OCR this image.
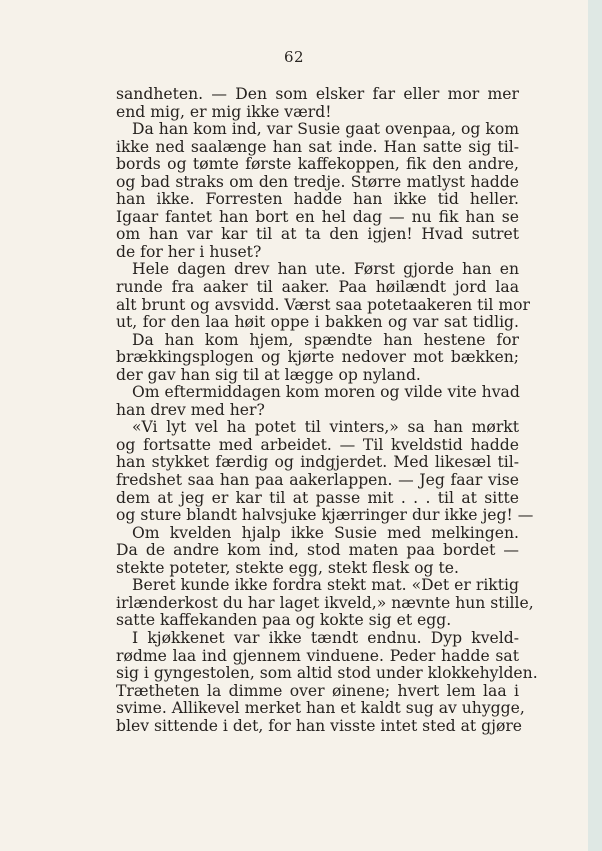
62
sandheten. — Den som elsker far eller mor mer
end mig, er mig ikke værd!
Da han kom ind, var Susie gaat ovenpaa, og kom
ikke ned saalænge han sat inde. Han satte sig til-
bords og tømte første kaffekoppen, fik den andre,
og bad straks om den tredje. Større matlyst hadde
han ikke. Forresten hadde han ikke tid heller.
Igaar fantet han bort en hel dag — nu fik han se
om han var kar til at ta den igjen! Hvad sutret
de for her i huset?
Hele dagen drev han ute. Først gjorde han en
runde fra aaker til aaker. Paa høilændt jord laa
alt brunt og avsvidd. Værst saa potetaakeren til mor
ut, for den laa høit oppe i bakken og var sat tidlig.
Da han kom hjem, spændte han hestene for
brækkingsplogen og kjørte nedover mot bækken;
der gav han sig til at lægge op nyland.
Om eftermiddagen kom moren og vilde vite hvad
han drev med her?
«Vi lyt vel ha potet til vinters,» sa han mørkt
og fortsatte med arbeidet. — Til kveldstid hadde
han stykket færdig og indgjerdet. Med likesæl til-
fredshet saa han paa aakerlappen. — Jeg faar vise
dem at jeg er kar til at passe mit . . . til at sitte
og sture blandt halvsjuke kjærringer dur ikke jeg! —
Om kvelden hjalp ikke Susie med melkingen.
Da de andre kom ind, stod maten paa bordet —
stekte poteter, stekte egg, stekt flesk og te.
Beret kunde ikke fordra stekt mat. «Det er riktig
irlænderkost du har laget ikveld,» nævnte hun stille,
satte kaffekanden paa og kokte sig et egg.
I kjøkkenet var ikke tændt endnu. Dyp kveld-
rødme laa ind gjennem vinduene. Peder hadde sat
sig i gyngestolen, som altid stod under klokkehylden.
Trætheten la dimme over øinene; hvert lem laa i
svime. Allikevel merket han et kaldt sug av uhygge,
blev sittende i det, for han visste intet sted at gjøre
